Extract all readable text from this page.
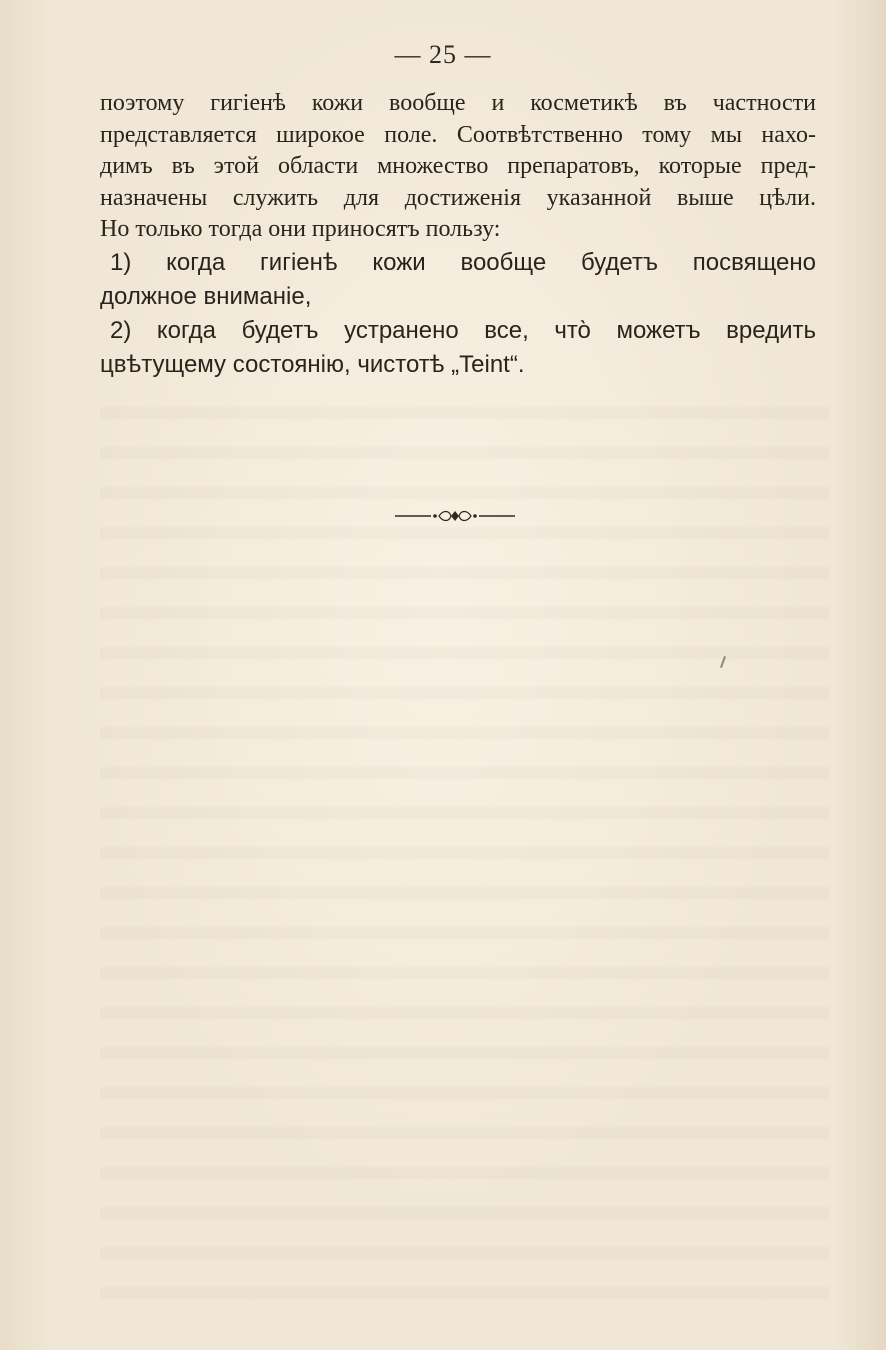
— 25 —
поэтому гигіенѣ кожи вообще и косметикѣ въ частности
представляется широкое поле. Соотвѣтственно тому мы нахо-
димъ въ этой области множество препаратовъ, которые пред-
назначены служить для достиженія указанной выше цѣли.
Но только тогда они приносятъ пользу:
1) когда гигіенѣ кожи вообще будетъ посвящено
должное вниманіе,
2) когда будетъ устранено все, что̀ можетъ вредить
цвѣтущему состоянію, чистотѣ „Teint“.
